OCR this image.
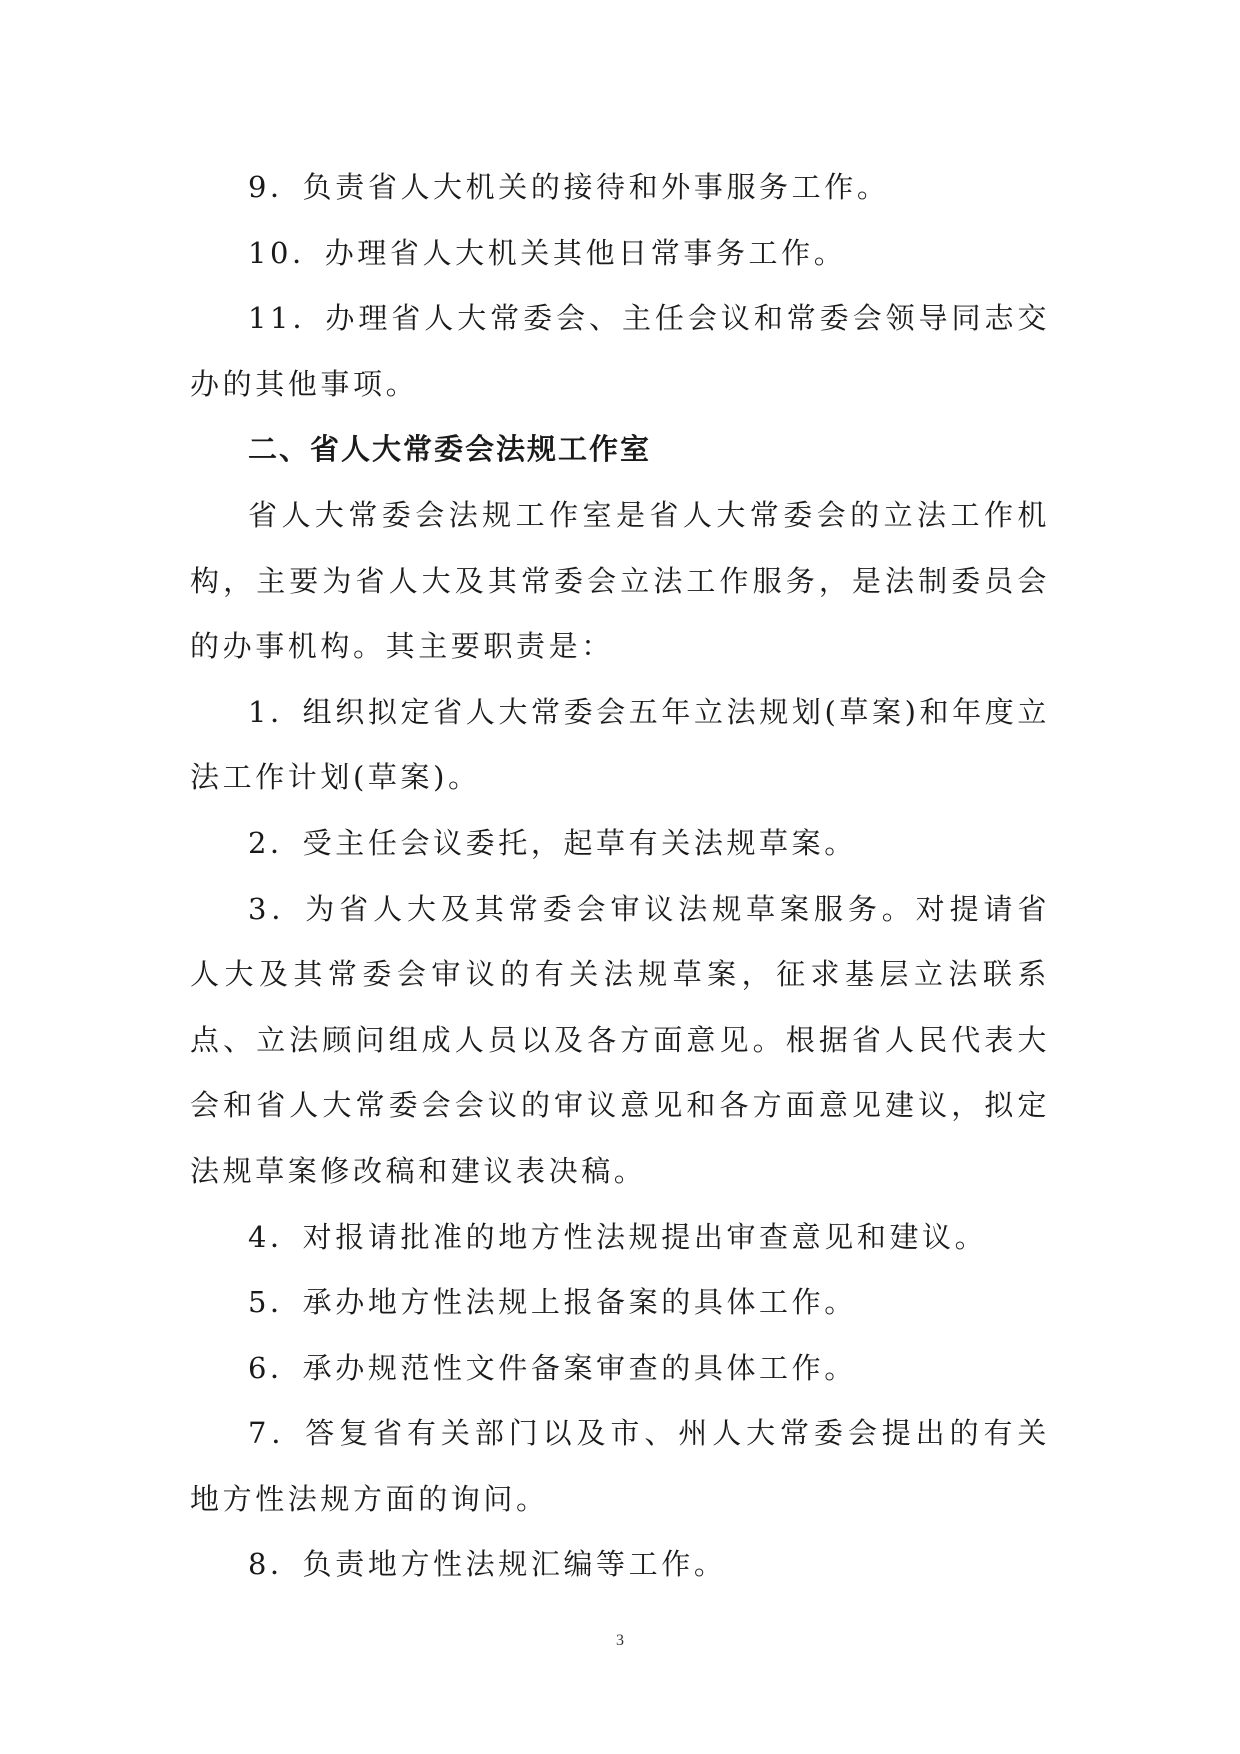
9．负责省人大机关的接待和外事服务工作。

10．办理省人大机关其他日常事务工作。

11．办理省人大常委会、主任会议和常委会领导同志交办的其他事项。

二、省人大常委会法规工作室

省人大常委会法规工作室是省人大常委会的立法工作机构，主要为省人大及其常委会立法工作服务，是法制委员会的办事机构。其主要职责是：

1．组织拟定省人大常委会五年立法规划(草案)和年度立法工作计划(草案)。

2．受主任会议委托，起草有关法规草案。

3．为省人大及其常委会审议法规草案服务。对提请省人大及其常委会审议的有关法规草案，征求基层立法联系点、立法顾问组成人员以及各方面意见。根据省人民代表大会和省人大常委会会议的审议意见和各方面意见建议，拟定法规草案修改稿和建议表决稿。

4．对报请批准的地方性法规提出审查意见和建议。

5．承办地方性法规上报备案的具体工作。

6．承办规范性文件备案审查的具体工作。

7．答复省有关部门以及市、州人大常委会提出的有关地方性法规方面的询问。

8．负责地方性法规汇编等工作。

3
